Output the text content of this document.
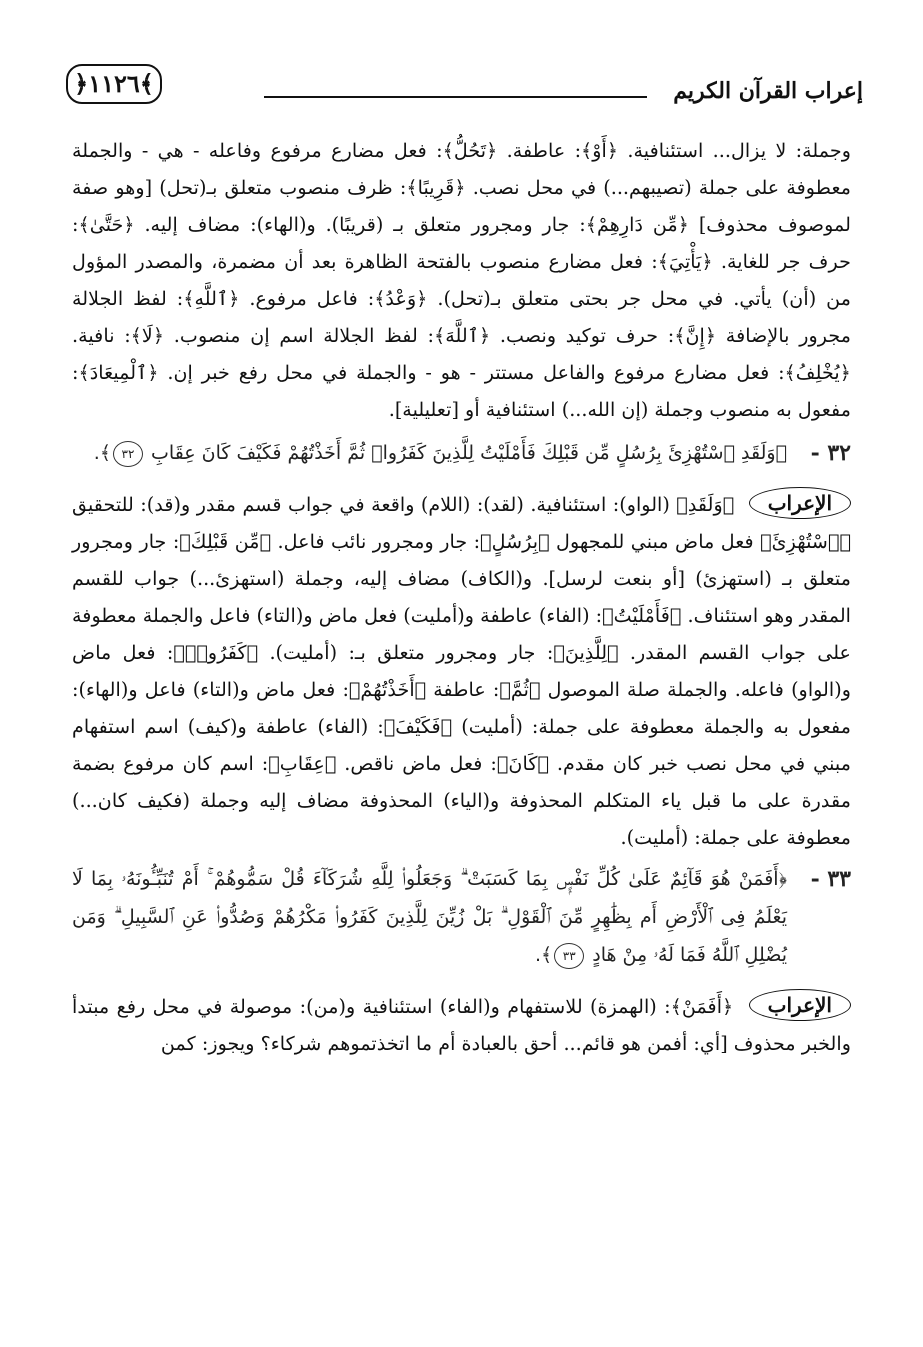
إعراب القرآن الكريم
﴿١١٢٦﴾

وجملة: لا يزال... استئنافية. ﴿أَوْ﴾: عاطفة. ﴿تَحُلُّ﴾: فعل مضارع مرفوع وفاعله - هي - والجملة معطوفة على جملة (تصيبهم...) في محل نصب. ﴿قَرِيبًا﴾: ظرف منصوب متعلق بـ(تحل) [وهو صفة لموصوف محذوف] ﴿مِّن دَارِهِمْ﴾: جار ومجرور متعلق بـ (قريبًا). و(الهاء): مضاف إليه. ﴿حَتَّىٰ﴾: حرف جر للغاية. ﴿يَأْتِيَ﴾: فعل مضارع منصوب بالفتحة الظاهرة بعد أن مضمرة، والمصدر المؤول من (أن) يأتي. في محل جر بحتى متعلق بـ(تحل). ﴿وَعْدُ﴾: فاعل مرفوع. ﴿ٱللَّهِ﴾: لفظ الجلالة مجرور بالإضافة ﴿إِنَّ﴾: حرف توكيد ونصب. ﴿ٱللَّهَ﴾: لفظ الجلالة اسم إن منصوب. ﴿لَا﴾: نافية. ﴿يُخْلِفُ﴾: فعل مضارع مرفوع والفاعل مستتر - هو - والجملة في محل رفع خبر إن. ﴿ٱلْمِيعَادَ﴾: مفعول به منصوب وجملة (إن الله...) استئنافية أو [تعليلية].

٣٢ -
﴿وَلَقَدِ ٱسْتُهْزِئَ بِرُسُلٍ مِّن قَبْلِكَ فَأَمْلَيْتُ لِلَّذِينَ كَفَرُوا۟ ثُمَّ أَخَذْتُهُمْ فَكَيْفَ كَانَ عِقَابِ ٣٢﴾.

الإعراب ﴿وَلَقَدِ﴾ (الواو): استئنافية. (لقد): (اللام) واقعة في جواب قسم مقدر و(قد): للتحقيق ﴿ٱسْتُهْزِئَ﴾ فعل ماض مبني للمجهول ﴿بِرُسُلٍ﴾: جار ومجرور نائب فاعل. ﴿مِّن قَبْلِكَ﴾: جار ومجرور متعلق بـ (استهزئ) [أو بنعت لرسل]. و(الكاف) مضاف إليه، وجملة (استهزئ...) جواب للقسم المقدر وهو استئناف. ﴿فَأَمْلَيْتُ﴾: (الفاء) عاطفة و(أمليت) فعل ماض و(التاء) فاعل والجملة معطوفة على جواب القسم المقدر. ﴿لِلَّذِينَ﴾: جار ومجرور متعلق بـ: (أمليت). ﴿كَفَرُوا۟﴾: فعل ماض و(الواو) فاعله. والجملة صلة الموصول ﴿ثُمَّ﴾: عاطفة ﴿أَخَذْتُهُمْ﴾: فعل ماض و(التاء) فاعل و(الهاء): مفعول به والجملة معطوفة على جملة: (أمليت) ﴿فَكَيْفَ﴾: (الفاء) عاطفة و(كيف) اسم استفهام مبني في محل نصب خبر كان مقدم. ﴿كَانَ﴾: فعل ماض ناقص. ﴿عِقَابِ﴾: اسم كان مرفوع بضمة مقدرة على ما قبل ياء المتكلم المحذوفة و(الياء) المحذوفة مضاف إليه وجملة (فكيف كان...) معطوفة على جملة: (أمليت).

٣٣ -
﴿أَفَمَنْ هُوَ قَآئِمٌ عَلَىٰ كُلِّ نَفْسٍۭ بِمَا كَسَبَتْ ۗ وَجَعَلُوا۟ لِلَّهِ شُرَكَآءَ قُلْ سَمُّوهُمْ ۚ أَمْ تُنَبِّـُٔونَهُۥ بِمَا لَا يَعْلَمُ فِى ٱلْأَرْضِ أَم بِظَٰهِرٍ مِّنَ ٱلْقَوْلِ ۗ بَلْ زُيِّنَ لِلَّذِينَ كَفَرُوا۟ مَكْرُهُمْ وَصُدُّوا۟ عَنِ ٱلسَّبِيلِ ۗ وَمَن يُضْلِلِ ٱللَّهُ فَمَا لَهُۥ مِنْ هَادٍ ٣٣﴾.

الإعراب ﴿أَفَمَنْ﴾: (الهمزة) للاستفهام و(الفاء) استئنافية و(من): موصولة في محل رفع مبتدأ والخبر محذوف [أي: أفمن هو قائم... أحق بالعبادة أم ما اتخذتموهم شركاء؟ ويجوز: كمن
